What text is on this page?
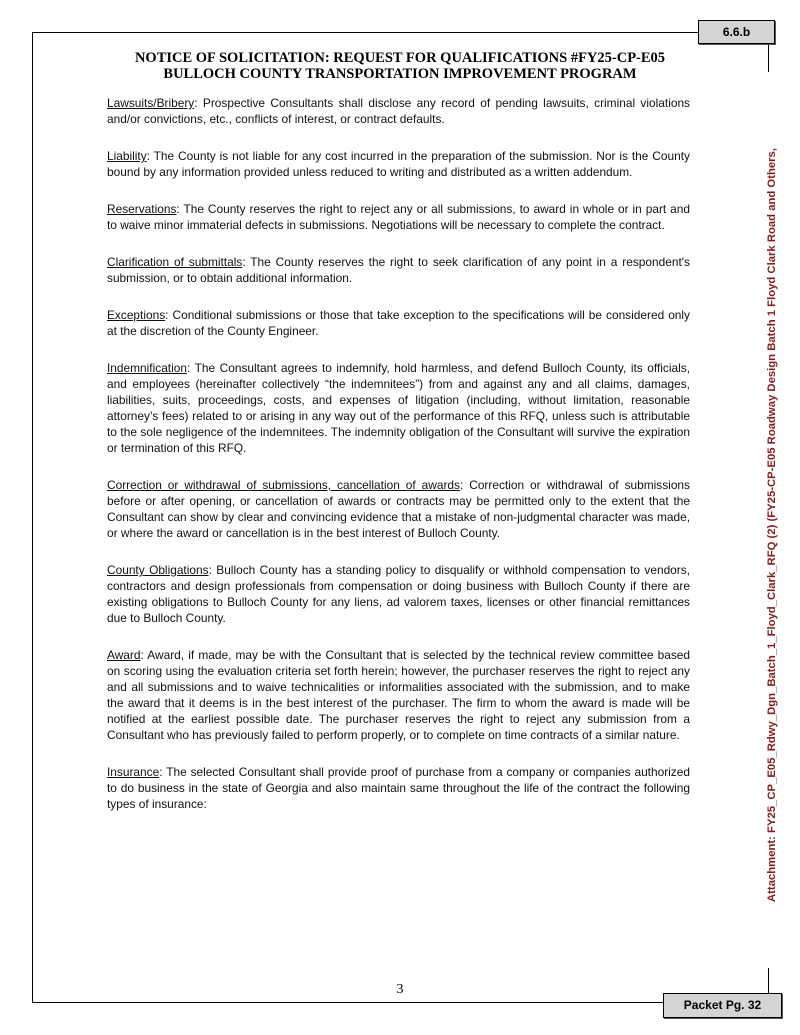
6.6.b
Packet Pg. 32
Attachment: FY25_CP_E05_Rdwy_Dgn_Batch_1_Floyd_Clark_RFQ (2) (FY25-CP-E05 Roadway Design Batch 1 Floyd Clark Road and Others,
NOTICE OF SOLICITATION: REQUEST FOR QUALIFICATIONS #FY25-CP-E05
BULLOCH COUNTY TRANSPORTATION IMPROVEMENT PROGRAM

Lawsuits/Bribery: Prospective Consultants shall disclose any record of pending lawsuits, criminal violations and/or convictions, etc., conflicts of interest, or contract defaults.

Liability: The County is not liable for any cost incurred in the preparation of the submission. Nor is the County bound by any information provided unless reduced to writing and distributed as a written addendum.

Reservations: The County reserves the right to reject any or all submissions, to award in whole or in part and to waive minor immaterial defects in submissions. Negotiations will be necessary to complete the contract.

Clarification of submittals: The County reserves the right to seek clarification of any point in a respondent's submission, or to obtain additional information.

Exceptions: Conditional submissions or those that take exception to the specifications will be considered only at the discretion of the County Engineer.

Indemnification: The Consultant agrees to indemnify, hold harmless, and defend Bulloch County, its officials, and employees (hereinafter collectively “the indemnitees”) from and against any and all claims, damages, liabilities, suits, proceedings, costs, and expenses of litigation (including, without limitation, reasonable attorney’s fees) related to or arising in any way out of the performance of this RFQ, unless such is attributable to the sole negligence of the indemnitees. The indemnity obligation of the Consultant will survive the expiration or termination of this RFQ.

Correction or withdrawal of submissions, cancellation of awards: Correction or withdrawal of submissions before or after opening, or cancellation of awards or contracts may be permitted only to the extent that the Consultant can show by clear and convincing evidence that a mistake of non-judgmental character was made, or where the award or cancellation is in the best interest of Bulloch County.

County Obligations: Bulloch County has a standing policy to disqualify or withhold compensation to vendors, contractors and design professionals from compensation or doing business with Bulloch County if there are existing obligations to Bulloch County for any liens, ad valorem taxes, licenses or other financial remittances due to Bulloch County.

Award: Award, if made, may be with the Consultant that is selected by the technical review committee based on scoring using the evaluation criteria set forth herein; however, the purchaser reserves the right to reject any and all submissions and to waive technicalities or informalities associated with the submission, and to make the award that it deems is in the best interest of the purchaser. The firm to whom the award is made will be notified at the earliest possible date. The purchaser reserves the right to reject any submission from a Consultant who has previously failed to perform properly, or to complete on time contracts of a similar nature.

Insurance: The selected Consultant shall provide proof of purchase from a company or companies authorized to do business in the state of Georgia and also maintain same throughout the life of the contract the following types of insurance:

3
